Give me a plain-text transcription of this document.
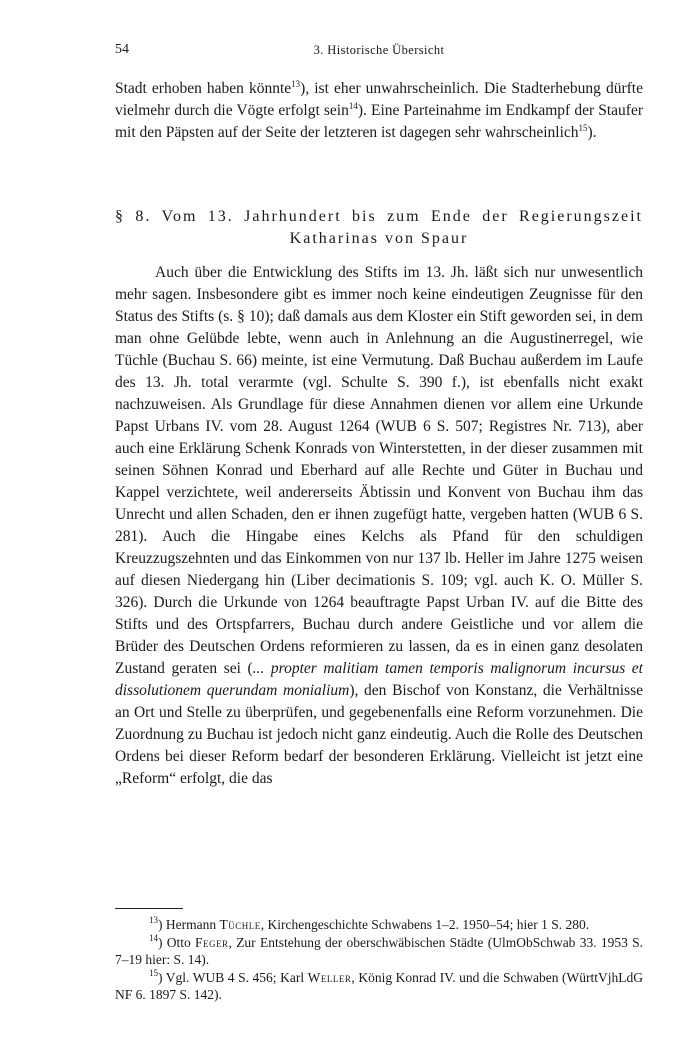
54	3. Historische Übersicht

Stadt erhoben haben könnte$^{13}$), ist eher unwahrscheinlich. Die Stadterhebung dürfte vielmehr durch die Vögte erfolgt sein$^{14}$). Eine Parteinahme im Endkampf der Staufer mit den Päpsten auf der Seite der letzteren ist dagegen sehr wahrscheinlich$^{15}$).

§ 8. Vom 13. Jahrhundert bis zum Ende der Regierungszeit
Katharinas von Spaur

Auch über die Entwicklung des Stifts im 13. Jh. läßt sich nur unwesentlich mehr sagen. Insbesondere gibt es immer noch keine eindeutigen Zeugnisse für den Status des Stifts (s. § 10); daß damals aus dem Kloster ein Stift geworden sei, in dem man ohne Gelübde lebte, wenn auch in Anlehnung an die Augustinerregel, wie Tüchle (Buchau S. 66) meinte, ist eine Vermutung. Daß Buchau außerdem im Laufe des 13. Jh. total verarmte (vgl. Schulte S. 390 f.), ist ebenfalls nicht exakt nachzuweisen. Als Grundlage für diese Annahmen dienen vor allem eine Urkunde Papst Urbans IV. vom 28. August 1264 (WUB 6 S. 507; Registres Nr. 713), aber auch eine Erklärung Schenk Konrads von Winterstetten, in der dieser zusammen mit seinen Söhnen Konrad und Eberhard auf alle Rechte und Güter in Buchau und Kappel verzichtete, weil andererseits Äbtissin und Konvent von Buchau ihm das Unrecht und allen Schaden, den er ihnen zugefügt hatte, vergeben hatten (WUB 6 S. 281). Auch die Hingabe eines Kelchs als Pfand für den schuldigen Kreuzzugszehnten und das Einkommen von nur 137 lb. Heller im Jahre 1275 weisen auf diesen Niedergang hin (Liber decimationis S. 109; vgl. auch K. O. Müller S. 326). Durch die Urkunde von 1264 beauftragte Papst Urban IV. auf die Bitte des Stifts und des Ortspfarrers, Buchau durch andere Geistliche und vor allem die Brüder des Deutschen Ordens reformieren zu lassen, da es in einen ganz desolaten Zustand geraten sei (... propter malitiam tamen temporis malignorum incursus et dissolutionem querundam monialium), den Bischof von Konstanz, die Verhältnisse an Ort und Stelle zu überprüfen, und gegebenenfalls eine Reform vorzunehmen. Die Zuordnung zu Buchau ist jedoch nicht ganz eindeutig. Auch die Rolle des Deutschen Ordens bei dieser Reform bedarf der besonderen Erklärung. Vielleicht ist jetzt eine „Reform“ erfolgt, die das

$^{13}$) Hermann Tüchle, Kirchengeschichte Schwabens 1–2. 1950–54; hier 1 S. 280.

$^{14}$) Otto Feger, Zur Entstehung der oberschwäbischen Städte (UlmObSchwab 33. 1953 S. 7–19 hier: S. 14).

$^{15}$) Vgl. WUB 4 S. 456; Karl Weller, König Konrad IV. und die Schwaben (WürttVjhLdG NF 6. 1897 S. 142).
